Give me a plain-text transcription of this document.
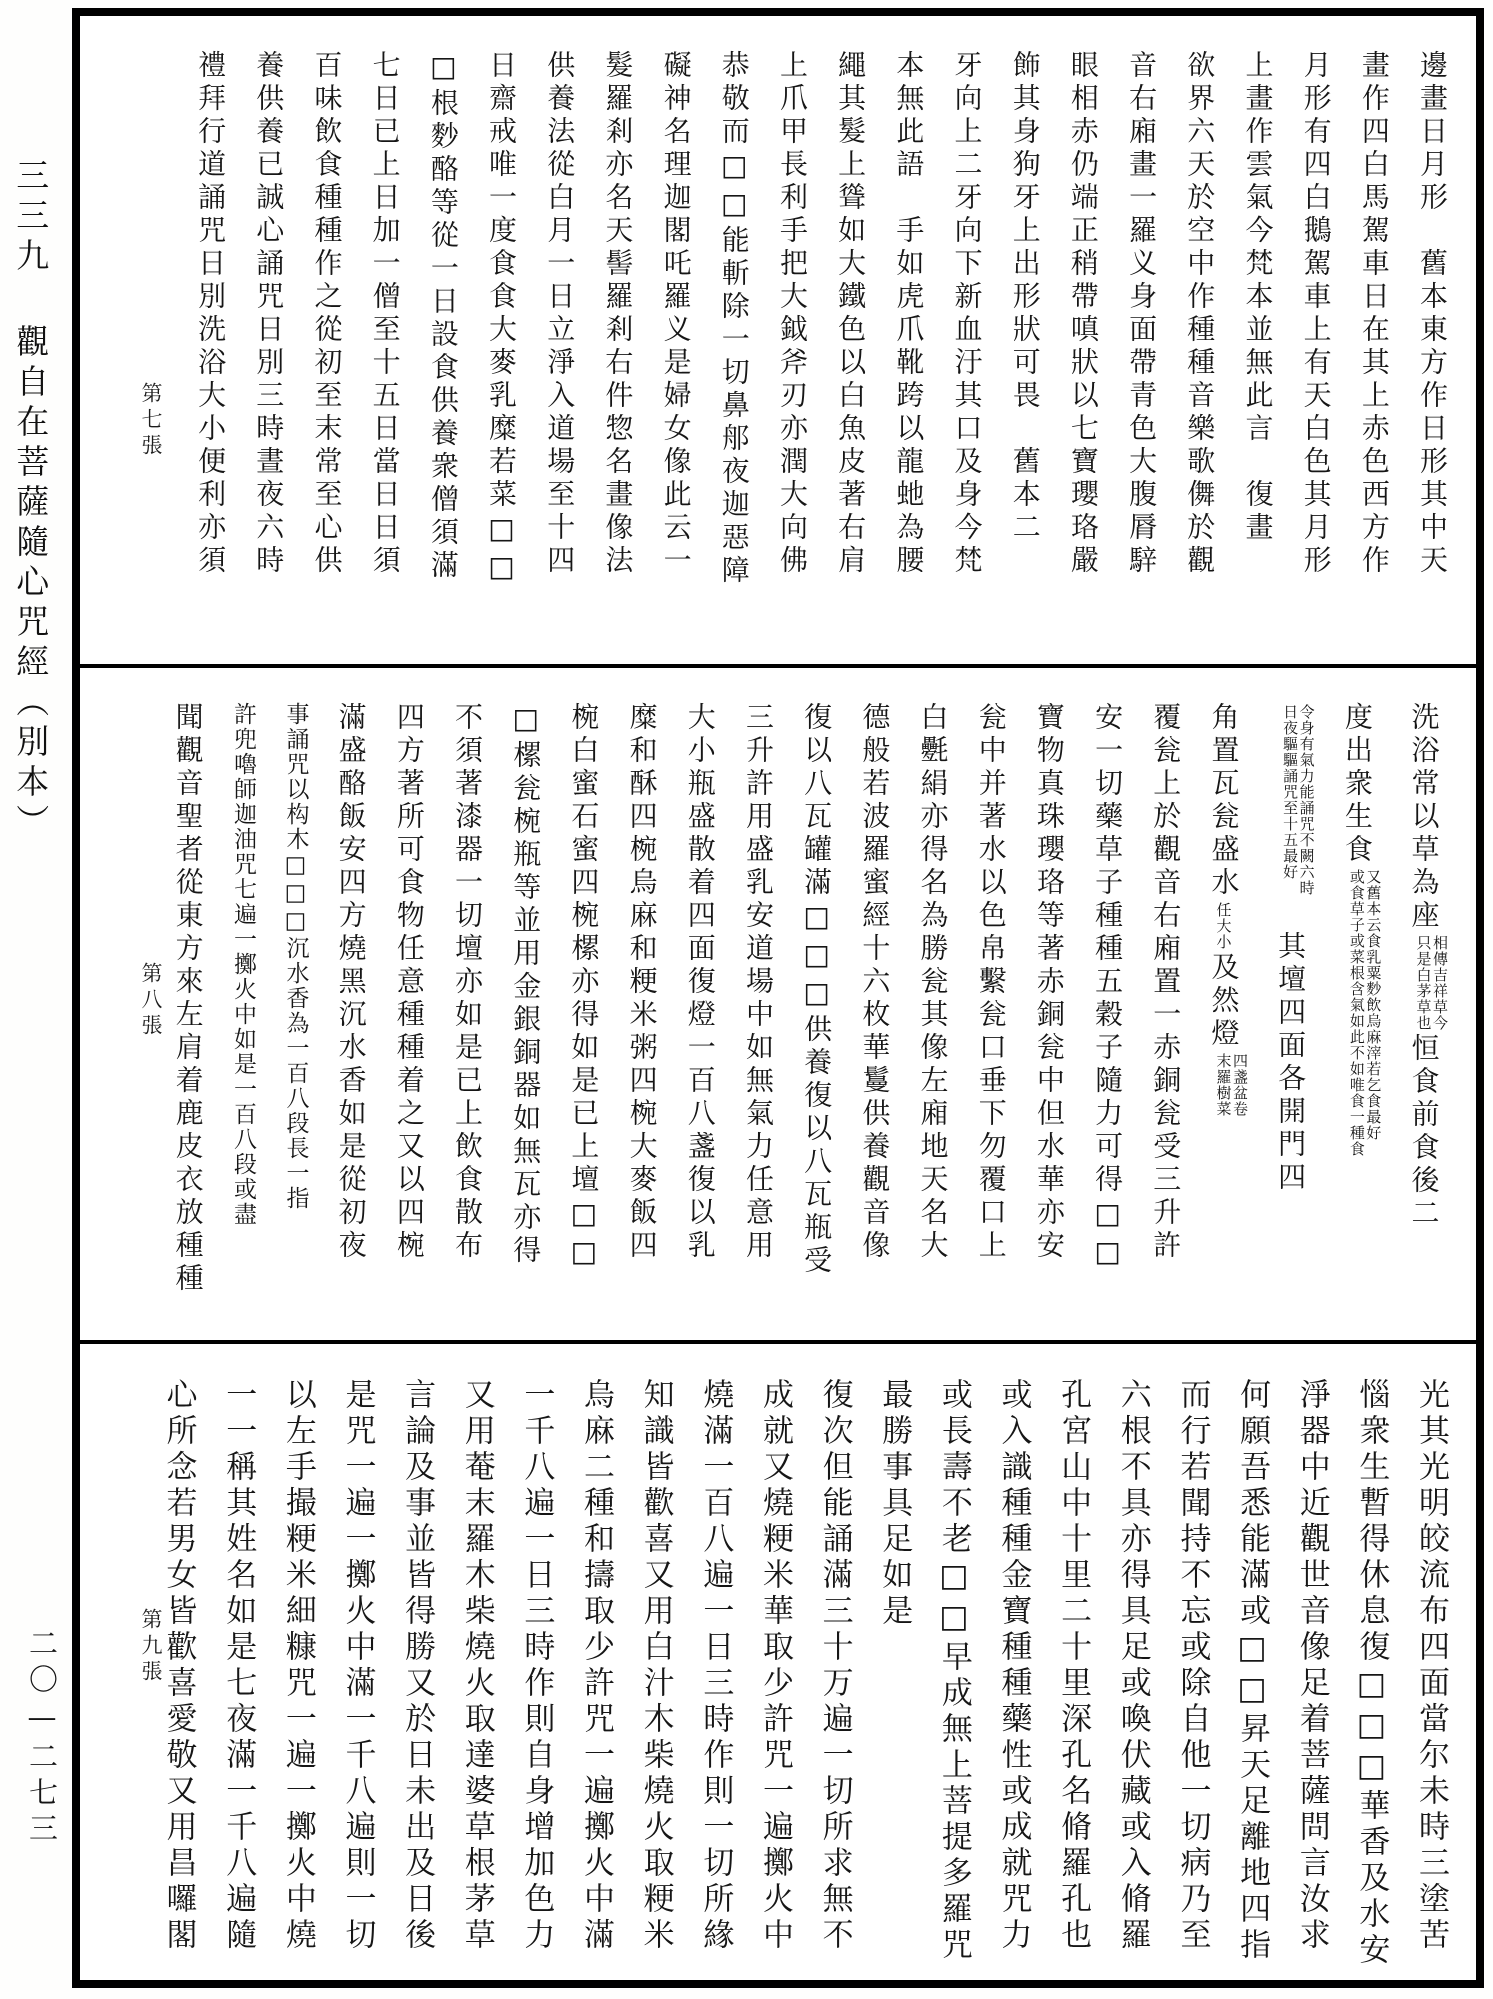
三三九觀自在菩薩隨心咒經（別本）
二〇—二七三
第七張	邊畫日月形　舊本東方作日形其中天
畫作四白馬駕車日在其上赤色西方作
月形有四白鵝駕車上有天白色其月形
上畫作雲氣今梵本並無此言　復畫
欲界六天於空中作種種音樂歌儛於觀
音右廂畫一羅义身面帶青色大腹脣騂
眼相赤仍端正稍帶嗔狀以七寶瓔珞嚴
飾其身狗牙上出形狀可畏　舊本二
牙向上二牙向下新血汙其口及身今梵
本無此語　手如虎爪靴跨以龍虵為腰
繩其髮上聳如大鐵色以白魚皮著右肩
上爪甲長利手把大鉞斧刃亦潤大向佛
恭敬而□□能斬除一切鼻郍夜迦惡障
礙神名理迦閣吒羅义是婦女像此云一
髮羅剎亦名天髻羅剎右件惣名畫像法
供養法從白月一日立淨入道場至十四
日齋戒唯一度食食大麥乳糜若菜□□
□根麨酪等從一日設食供養衆僧須滿
七日已上日加一僧至十五日當日日須
百味飲食種種作之從初至末常至心供
養供養已誠心誦咒日別三時晝夜六時
禮拜行道誦咒日別洗浴大小便利亦須
第八張
洗浴常以草為座相傳吉祥草今
只是白茅草也恒食前食後二
度出衆生食又舊本云食乳粟麨飲烏麻滓若乞食最好
或食草子或菜根含氣如此不如唯食一種食
令身有氣力能誦咒不闕六時
日夜驅驅誦咒至十五最好　其壇四面各開門四
角置瓦瓮盛水任大小及然燈四盞盆卷
末羅樹菜
覆瓮上於觀音右廂置一赤銅瓮受三升許
安一切藥草子種種五穀子隨力可得□□
寶物真珠瓔珞等著赤銅瓮中但水華亦安
瓮中并著水以色帛繫瓮口垂下勿覆口上
白氎絹亦得名為勝瓮其像左廂地天名大
德般若波羅蜜經十六枚華鬘供養觀音像
復以八瓦罐滿□□□供養復以八瓦瓶受
三升許用盛乳安道場中如無氣力任意用
大小瓶盛散着四面復燈一百八盞復以乳
糜和酥四椀烏麻和粳米粥四椀大麥飯四
椀白蜜石蜜四椀樏亦得如是已上壇□□
□樏瓮椀瓶等並用金銀銅器如無瓦亦得
不須著漆器一切壇亦如是已上飲食散布
四方著所可食物任意種種着之又以四椀
滿盛酪飯安四方燒黑沉水香如是從初夜
事誦咒以构木□□□沉水香為一百八段長一指
許兜嚕師迦油咒七遍一擲火中如是一百八段或盡
聞觀音聖者從東方來左肩着鹿皮衣放種種
第九張	光其光明皎流布四面當尔未時三塗苦
惱衆生暫得休息復□□□華香及水安
淨器中近觀世音像足着菩薩問言汝求
何願吾悉能滿或□□昇天足離地四指
而行若聞持不忘或除自他一切病乃至
六根不具亦得具足或喚伏藏或入脩羅
孔宮山中十里二十里深孔名脩羅孔也
或入識種種金寶種種藥性或成就咒力
或長壽不老□□早成無上菩提多羅咒
最勝事具足如是
復次但能誦滿三十万遍一切所求無不
成就又燒粳米華取少許咒一遍擲火中
燒滿一百八遍一日三時作則一切所緣
知識皆歡喜又用白汁木柴燒火取粳米
烏麻二種和擣取少許咒一遍擲火中滿
一千八遍一日三時作則自身增加色力
又用菴末羅木柴燒火取達婆草根茅草
言論及事並皆得勝又於日未出及日後
是咒一遍一擲火中滿一千八遍則一切
以左手撮粳米細糠咒一遍一擲火中燒
一一稱其姓名如是七夜滿一千八遍隨
心所念若男女皆歡喜愛敬又用昌囉閣
